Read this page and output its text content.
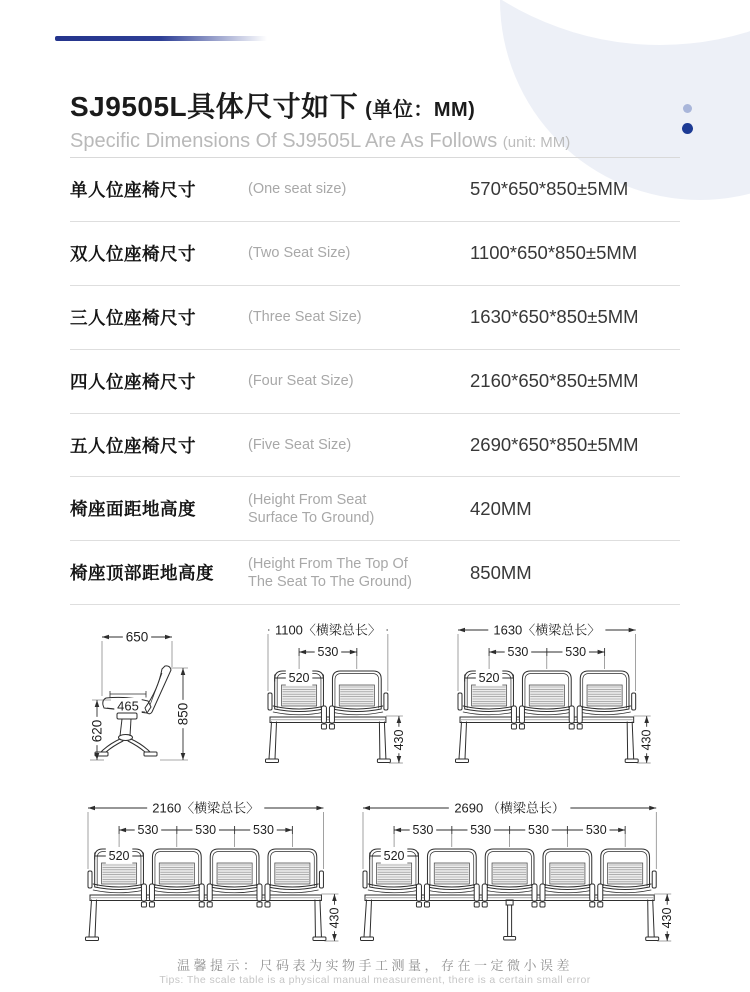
SJ9505L具体尺寸如下 (单位：MM)
Specific Dimensions Of SJ9505L Are As Follows (unit: MM)
单人位座椅尺寸	(One seat size)	570*650*850±5MM
双人位座椅尺寸	(Two Seat Size)	1100*650*850±5MM
三人位座椅尺寸	(Three Seat Size)	1630*650*850±5MM
四人位座椅尺寸	(Four Seat Size)	2160*650*850±5MM
五人位座椅尺寸	(Five Seat Size)	2690*650*850±5MM
椅座面距地高度	(Height From Seat Surface To Ground)	420MM
椅座顶部距地高度	(Height From The Top Of The Seat To The Ground)	850MM
650
465
620
850
520
530
1100〈横梁总长〉
430
520
530	530
1630〈横梁总长〉
430
520
530	530	530
2160〈横梁总长〉
430
520
530	530	530	530
2690 （横梁总长）
430
温馨提示：尺码表为实物手工测量，存在一定微小误差
Tips: The scale table is a physical manual measurement, there is a certain small error
